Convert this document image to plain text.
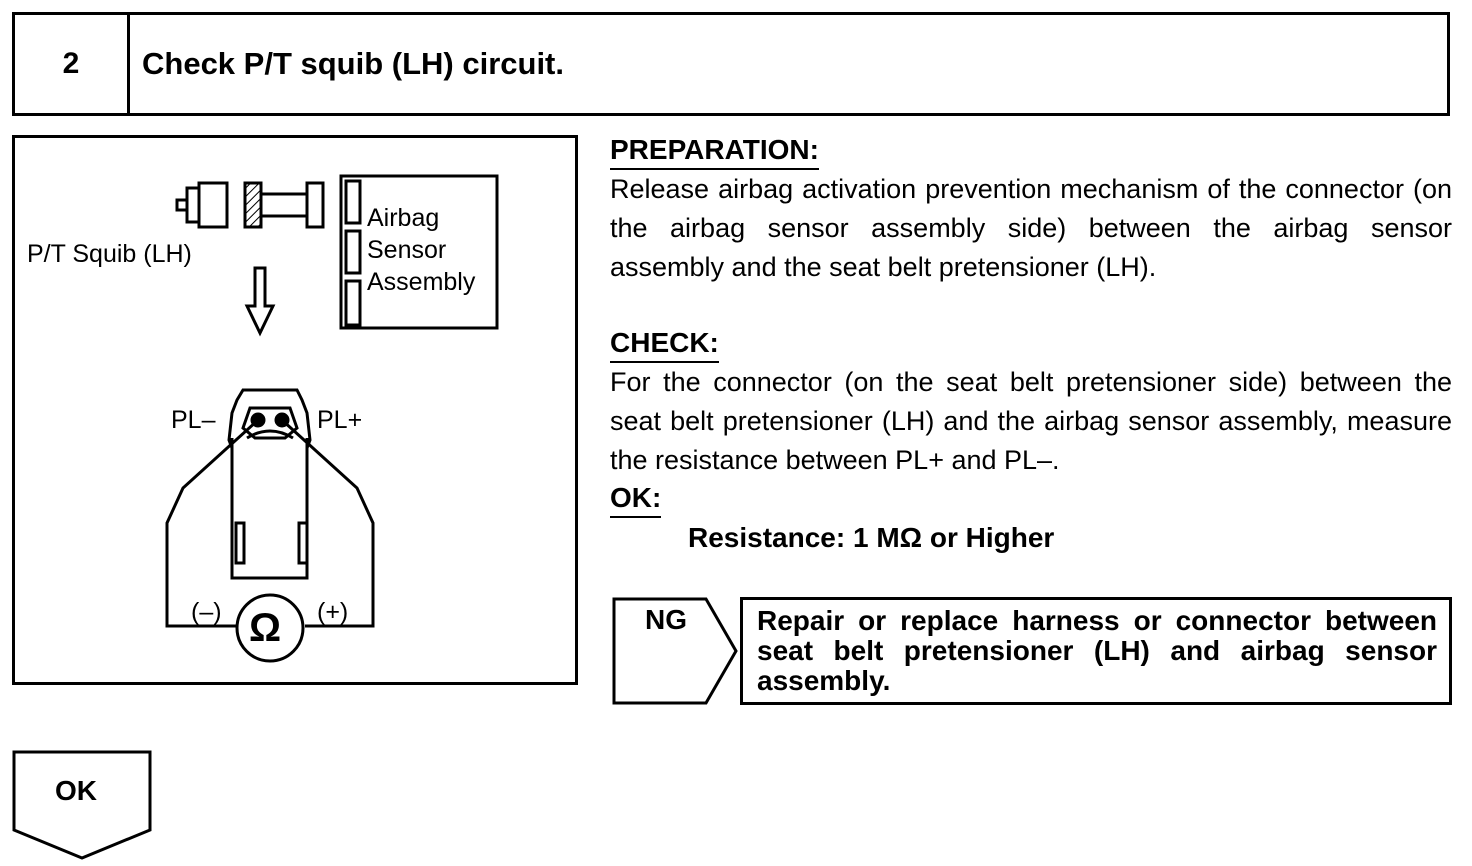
2	Check P/T squib (LH) circuit.
P/T Squib (LH)
Airbag
Sensor
Assembly
PL–	PL+
(–)	(+)
Ω
PREPARATION:

Release airbag activation prevention mechanism of the connector (on the airbag sensor assembly side) between the airbag sensor assembly and the seat belt pretensioner (LH).

CHECK:

For the connector (on the seat belt pretensioner side) between the seat belt pretensioner (LH) and the airbag sensor assembly, measure the resistance between PL+ and PL–.

OK:
Resistance: 1 MΩ or Higher
NG	Repair or replace harness or connector between seat belt pretensioner (LH) and airbag sensor assembly.
OK
